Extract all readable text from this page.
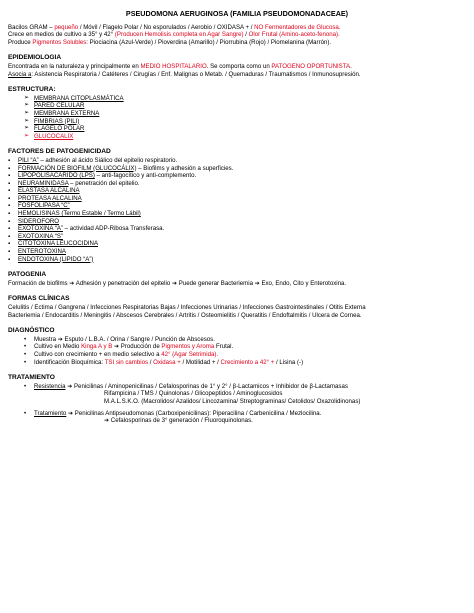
PSEUDOMONA AERUGINOSA (FAMILIA PSEUDOMONADACEAE)

Bacilos GRAM – pequeño / Móvil / Flagelo Polar / No esporulados / Aerobio / OXIDASA + / NO Fermentadores de Glucosa.

Crece en medios de cultivo a 35° y 42° (Producen Hemolisis completa en Agar Sangre) / Olor Frutal (Amino-aceto-fenona).

Produce Pigmentos Solubles: Piociacina (Azul-Verde) / Pioverdina (Amarillo) / Piorrubina (Rojo) / Piomelanina (Marrón).

EPIDEMIOLOGIA

Encontrada en la naturaleza y principalmente en MEDIO HOSPITALARIO. Se comporta como un PATOGENO OPORTUNISTA.

Asocia a: Asistencia Respiratoria / Catéteres / Cirugías / Enf. Malignas o Metab. / Quemaduras / Traumatismos / Inmunosupresión.

ESTRUCTURA:
➢ MEMBRANA CITOPLASMÁTICA
➢ PARED CELULAR
➢ MEMBRANA EXTERNA
➢ FIMBRIAS (PILI)
➢ FLAGELO POLAR
➢ GLUCOCALIX
FACTORES DE PATOGENICIDAD
▪ PILI “A” – adhesión al ácido Siálico del epitelio respiratorio.
▪ FORMACIÓN DE BIOFILM (GLUCOCÁLIX) – Biofilms y adhesión a superficies.
▪ LIPOPOLISACÁRIDO (LPS) – anti-fagocítico y anti-complemento.
▪ NEURAMINIDASA – penetración del epitelio.
▪ ELASTASA ALCALINA
▪ PROTEASA ALCALINA
▪ FOSFOLIPASA “C”
▪ HEMOLISINAS (Termo Estable / Termo Lábil)
▪ SIDEROFORO
▪ EXOTOXINA “A” – actividad ADP-Ribosa Transferasa.
▪ EXOTOXINA “S”
▪ CITOTOXINA LEUCOCIDINA
▪ ENTEROTOXINA
▪ ENDOTOXINA (LIPIDO “A”)
PATOGENIA

Formación de biofilms ➔ Adhesión y penetración del epitelio ➔ Puede generar Bacteriemia ➔ Exo, Endo, Cito y Enterotoxina.

FORMAS CLÍNICAS

Celulitis / Ectima / Gangrena / Infecciones Respiratorias Bajas / Infecciones Urinarias / Infecciones Gastrointestinales / Otitis Externa

Bacteriemia / Endocarditis / Meningitis / Abscesos Cerebrales / Artritis / Osteomielitis / Queratitis / Endoftalmitis / Ulcera de Cornea.

DIAGNÓSTICO
• Muestra ➔ Esputo / L.B.A. / Orina / Sangre / Punción de Abscesos.
• Cultivo en Medio Kinga A y B ➔ Producción de Pigmentos y Aroma Frutal.
• Cultivo con crecimiento + en medio selectivo a 42° (Agar Setrimida).
• Identificación Bioquímica: TSI sin cambios / Oxidasa + / Motilidad + / Crecimiento a 42° + / Lisina (-)
TRATAMIENTO

• Resistencia ➔ Penicilinas / Aminopenicilinas / Cefalosporinas de 1° y 2° / β-Lactamicos + Inhibidor de β-Lactamasas

Rifampicina / TMS / Quinolonas / Glicopeptidos / Aminoglucosidos

M.A.L.S.K.O. (Macrolidos/ Azalidos/ Lincozamina/ Streptograminas/ Cetolidos/ Oxazolidinonas)

• Tratamiento ➔ Penicilinas Antipseudomonas (Carboxipenicilinas): Piperacilina / Carbenicilina / Mezlocilina.

➔ Cefalosporinas de 3° generación / Fluoroquinolonas.
